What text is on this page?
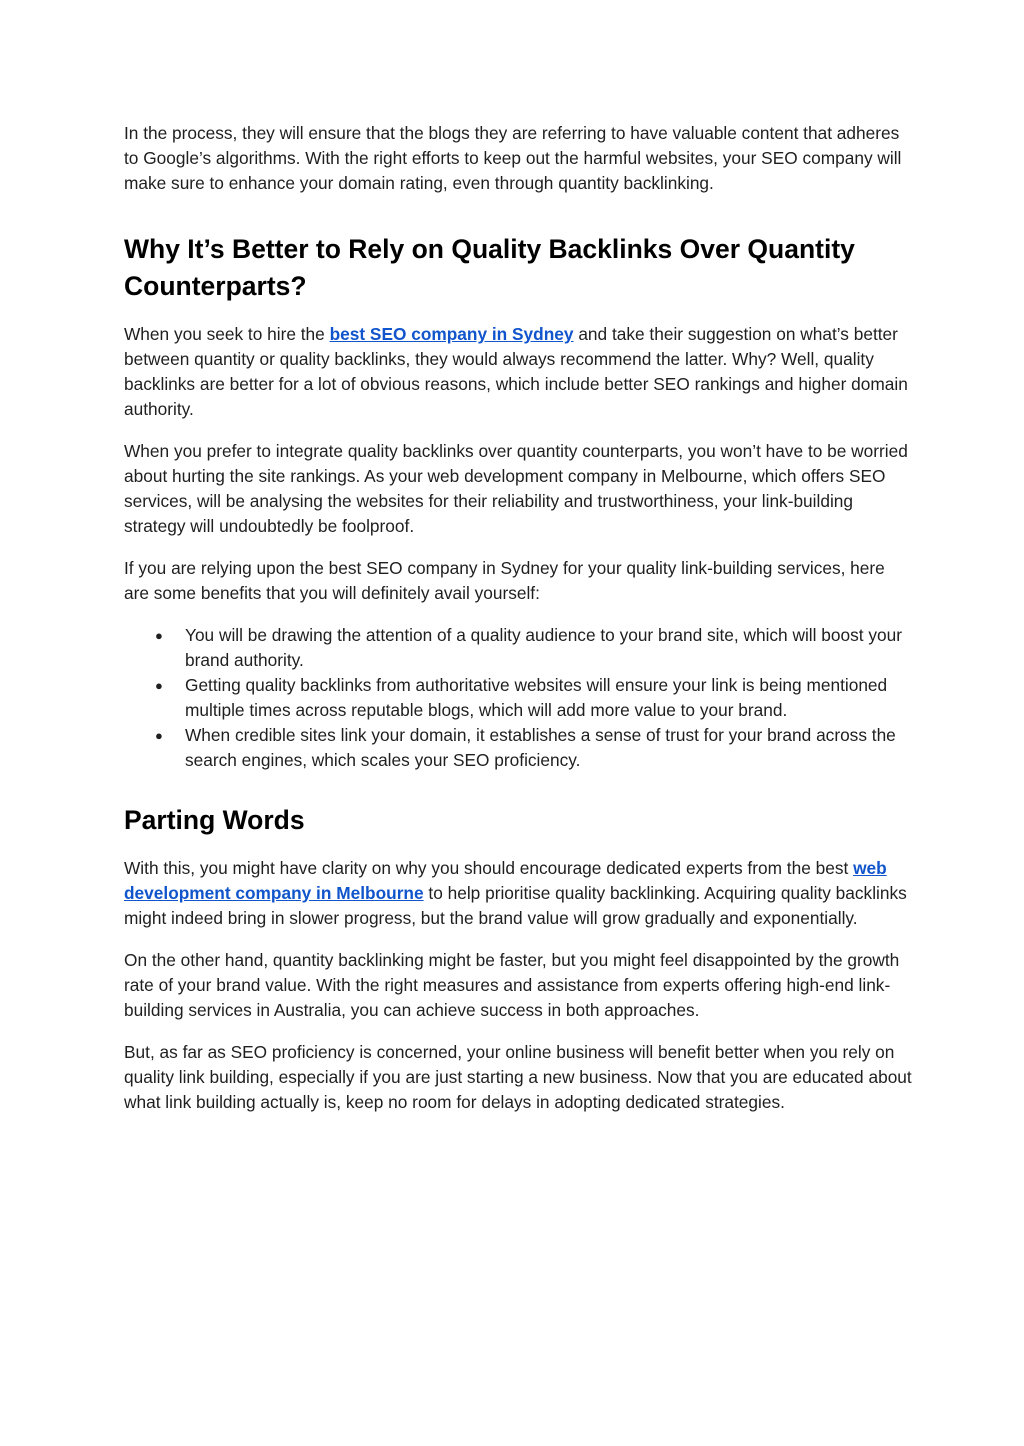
In the process, they will ensure that the blogs they are referring to have valuable content that adheres to Google’s algorithms. With the right efforts to keep out the harmful websites, your SEO company will make sure to enhance your domain rating, even through quantity backlinking.

Why It’s Better to Rely on Quality Backlinks Over Quantity Counterparts?

When you seek to hire the best SEO company in Sydney and take their suggestion on what’s better between quantity or quality backlinks, they would always recommend the latter. Why? Well, quality backlinks are better for a lot of obvious reasons, which include better SEO rankings and higher domain authority.

When you prefer to integrate quality backlinks over quantity counterparts, you won’t have to be worried about hurting the site rankings. As your web development company in Melbourne, which offers SEO services, will be analysing the websites for their reliability and trustworthiness, your link-building strategy will undoubtedly be foolproof.

If you are relying upon the best SEO company in Sydney for your quality link-building services, here are some benefits that you will definitely avail yourself:

● You will be drawing the attention of a quality audience to your brand site, which will boost your brand authority.
● Getting quality backlinks from authoritative websites will ensure your link is being mentioned multiple times across reputable blogs, which will add more value to your brand.
● When credible sites link your domain, it establishes a sense of trust for your brand across the search engines, which scales your SEO proficiency.
Parting Words

With this, you might have clarity on why you should encourage dedicated experts from the best web development company in Melbourne to help prioritise quality backlinking. Acquiring quality backlinks might indeed bring in slower progress, but the brand value will grow gradually and exponentially.

On the other hand, quantity backlinking might be faster, but you might feel disappointed by the growth rate of your brand value. With the right measures and assistance from experts offering high-end link-building services in Australia, you can achieve success in both approaches.

But, as far as SEO proficiency is concerned, your online business will benefit better when you rely on quality link building, especially if you are just starting a new business. Now that you are educated about what link building actually is, keep no room for delays in adopting dedicated strategies.
